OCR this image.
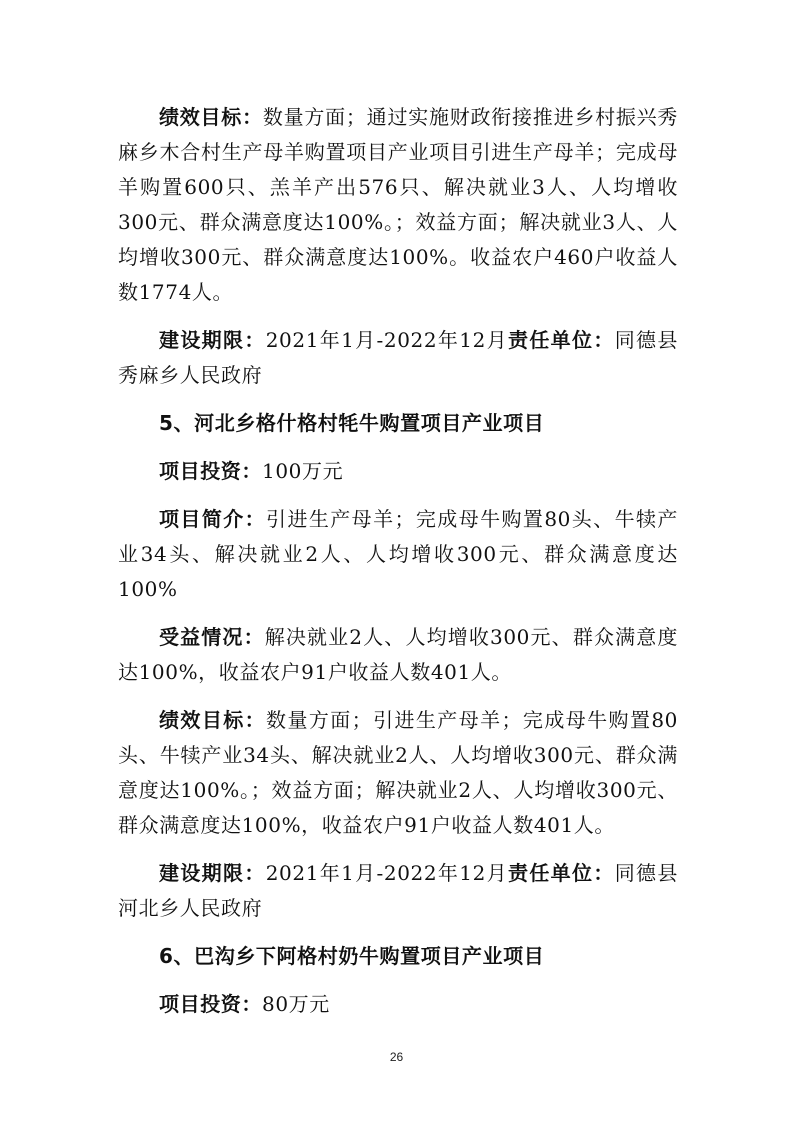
绩效目标：数量方面；通过实施财政衔接推进乡村振兴秀麻乡木合村生产母羊购置项目产业项目引进生产母羊；完成母羊购置600只、羔羊产出576只、解决就业3人、人均增收300元、群众满意度达100%。；效益方面；解决就业3人、人均增收300元、群众满意度达100%。收益农户460户收益人数1774人。

建设期限：2021年1月-2022年12月责任单位：同德县秀麻乡人民政府

5、河北乡格什格村牦牛购置项目产业项目

项目投资：100万元

项目简介：引进生产母羊；完成母牛购置80头、牛犊产业34头、解决就业2人、人均增收300元、群众满意度达100%

受益情况：解决就业2人、人均增收300元、群众满意度达100%，收益农户91户收益人数401人。

绩效目标：数量方面；引进生产母羊；完成母牛购置80头、牛犊产业34头、解决就业2人、人均增收300元、群众满意度达100%。；效益方面；解决就业2人、人均增收300元、群众满意度达100%，收益农户91户收益人数401人。

建设期限：2021年1月-2022年12月责任单位：同德县河北乡人民政府

6、巴沟乡下阿格村奶牛购置项目产业项目

项目投资：80万元

26
